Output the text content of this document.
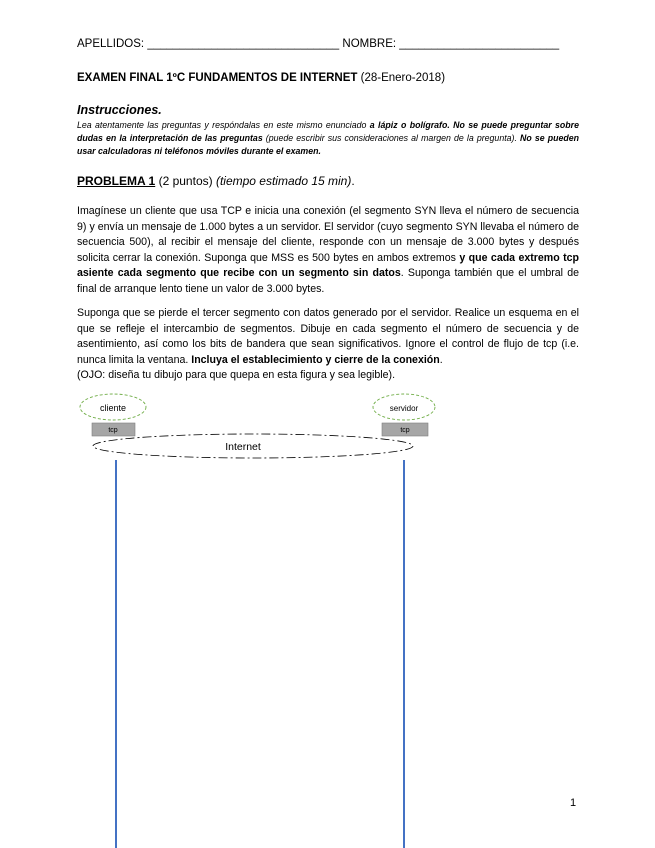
APELLIDOS: ______________________________ NOMBRE: _________________________
EXAMEN FINAL 1ºC FUNDAMENTOS DE INTERNET (28-Enero-2018)
Instrucciones.
Lea atentamente las preguntas y respóndalas en este mismo enunciado a lápiz o bolígrafo. No se puede preguntar sobre dudas en la interpretación de las preguntas (puede escribir sus consideraciones al margen de la pregunta). No se pueden usar calculadoras ni teléfonos móviles durante el examen.
PROBLEMA 1 (2 puntos) (tiempo estimado 15 min).
Imagínese un cliente que usa TCP e inicia una conexión (el segmento SYN lleva el número de secuencia 9) y envía un mensaje de 1.000 bytes a un servidor. El servidor (cuyo segmento SYN llevaba el número de secuencia 500), al recibir el mensaje del cliente, responde con un mensaje de 3.000 bytes y después solicita cerrar la conexión. Suponga que MSS es 500 bytes en ambos extremos y que cada extremo tcp asiente cada segmento que recibe con un segmento sin datos. Suponga también que el umbral de final de arranque lento tiene un valor de 3.000 bytes.
Suponga que se pierde el tercer segmento con datos generado por el servidor. Realice un esquema en el que se refleje el intercambio de segmentos. Dibuje en cada segmento el número de secuencia y de asentimiento, así como los bits de bandera que sean significativos. Ignore el control de flujo de tcp (i.e. nunca limita la ventana. Incluya el establecimiento y cierre de la conexión.
(OJO: diseña tu dibujo para que quepa en esta figura y sea legible).
cliente
tcp
servidor
tcp
Internet
1
